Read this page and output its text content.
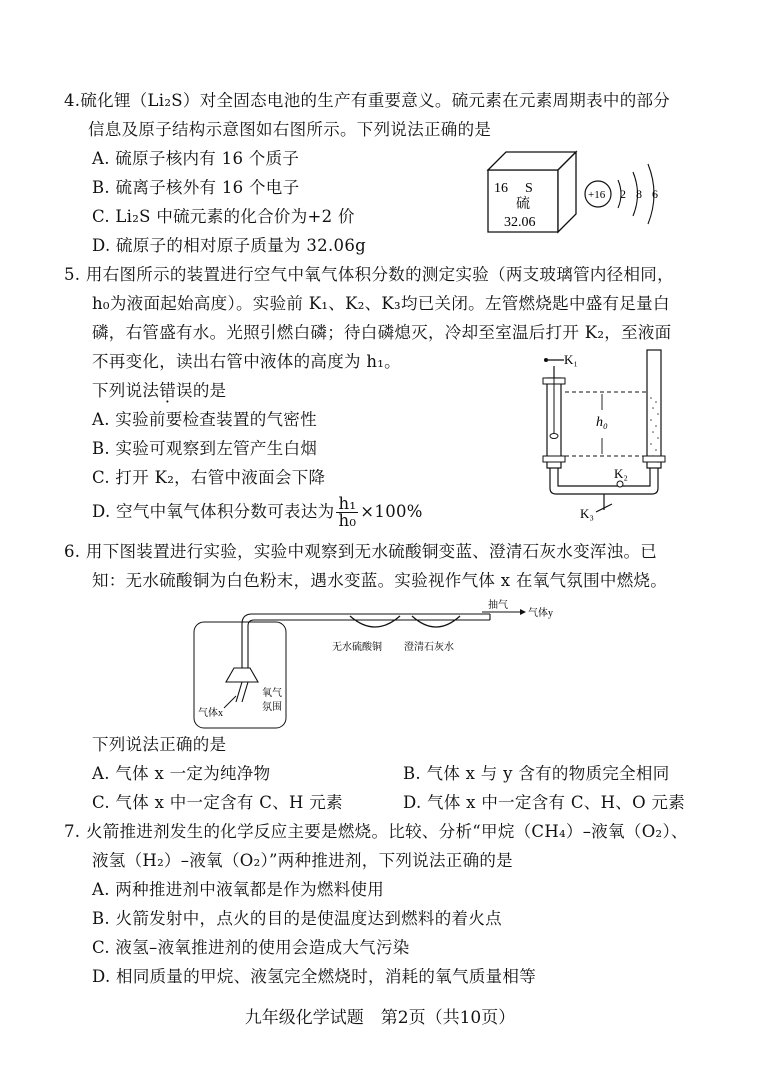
4.硫化锂（Li₂S）对全固态电池的生产有重要意义。硫元素在元素周期表中的部分
信息及原子结构示意图如右图所示。下列说法正确的是
A. 硫原子核内有 16 个质子
B. 硫离子核外有 16 个电子
C. Li₂S 中硫元素的化合价为+2 价
D. 硫原子的相对原子质量为 32.06g
16 S
硫
32.06
+16 2 8 6
5. 用右图所示的装置进行空气中氧气体积分数的测定实验（两支玻璃管内径相同，
h₀为液面起始高度）。实验前 K₁、K₂、K₃均已关闭。左管燃烧匙中盛有足量白
磷，右管盛有水。光照引燃白磷；待白磷熄灭，冷却至室温后打开 K₂，至液面
不再变化，读出右管中液体的高度为 h₁。
下列说法错误的是
A. 实验前要检查装置的气密性
B. 实验可观察到左管产生白烟
C. 打开 K₂，右管中液面会下降
D. 空气中氧气体积分数可表达为 $\frac{\text{h₁}}{\text{h₀}} \times 100\%$
K₁
h₀
K₂
K₃
6. 用下图装置进行实验，实验中观察到无水硫酸铜变蓝、澄清石灰水变浑浊。已
知：无水硫酸铜为白色粉末，遇水变蓝。实验视作气体 x 在氧气氛围中燃烧。
气体x
氧气
氛围
无水硫酸铜 澄清石灰水
抽气
气体y
下列说法正确的是
A. 气体 x 一定为纯净物	B. 气体 x 与 y 含有的物质完全相同
C. 气体 x 中一定含有 C、H 元素	D. 气体 x 中一定含有 C、H、O 元素
7. 火箭推进剂发生的化学反应主要是燃烧。比较、分析“甲烷（CH₄）–液氧（O₂）、
液氢（H₂）–液氧（O₂）”两种推进剂，下列说法正确的是
A. 两种推进剂中液氧都是作为燃料使用
B. 火箭发射中，点火的目的是使温度达到燃料的着火点
C. 液氢–液氧推进剂的使用会造成大气污染
D. 相同质量的甲烷、液氢完全燃烧时，消耗的氧气质量相等
九年级化学试题　第2页（共10页）
